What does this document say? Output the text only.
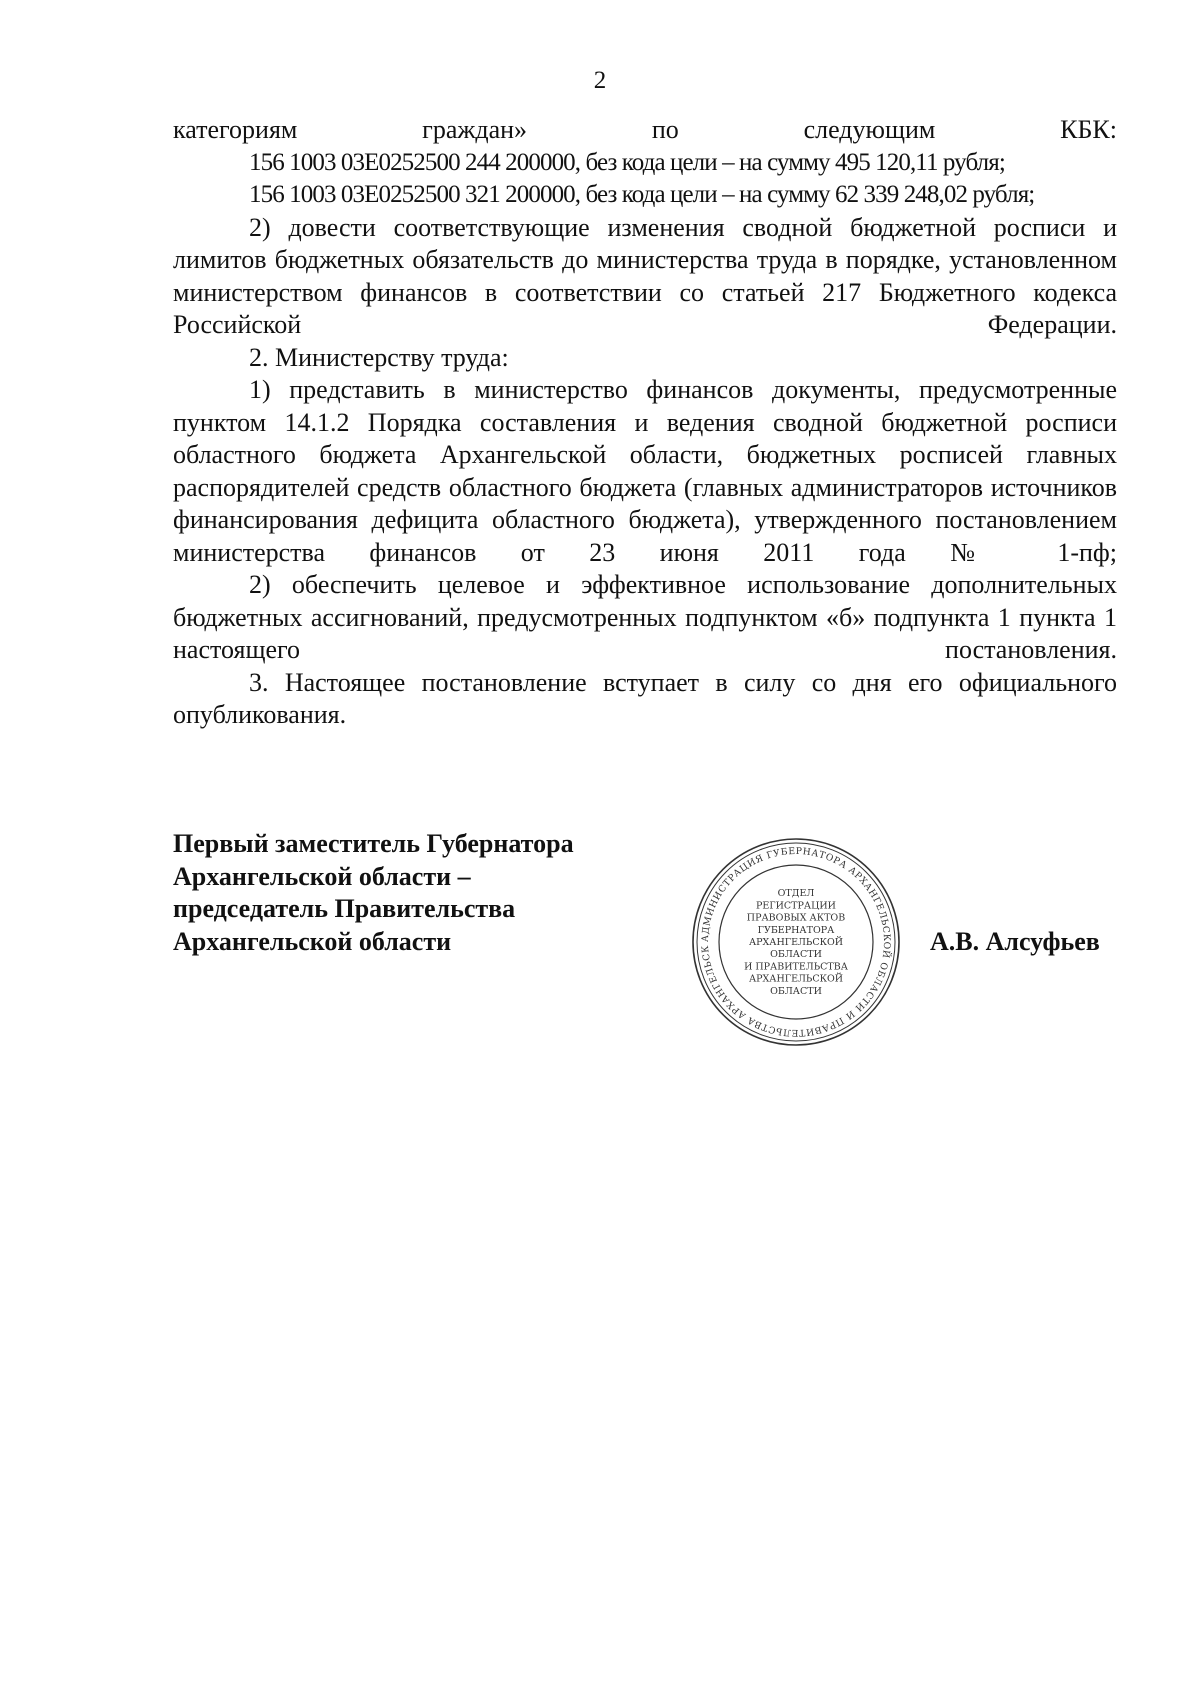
2

категориям граждан» по следующим КБК:

156 1003 03Е0252500 244 200000, без кода цели – на сумму 495 120,11 рубля;

156 1003 03Е0252500 321 200000, без кода цели – на сумму 62 339 248,02 рубля;

2) довести соответствующие изменения сводной бюджетной росписи и лимитов бюджетных обязательств до министерства труда в порядке, установленном министерством финансов в соответствии со статьей 217 Бюджетного кодекса Российской Федерации.

2. Министерству труда:

1) представить в министерство финансов документы, предусмотренные пунктом 14.1.2 Порядка составления и ведения сводной бюджетной росписи областного бюджета Архангельской области, бюджетных росписей главных распорядителей средств областного бюджета (главных администраторов источников финансирования дефицита областного бюджета), утвержденного постановлением министерства финансов от 23 июня 2011 года № 1-пф;

2) обеспечить целевое и эффективное использование дополнительных бюджетных ассигнований, предусмотренных подпунктом «б» подпункта 1 пункта 1 настоящего постановления.

3. Настоящее постановление вступает в силу со дня его официального опубликования.

Первый заместитель Губернатора
Архангельской области –
председатель Правительства
Архангельской области	АДМИНИСТРАЦИЯ ГУБЕРНАТОРА АРХАНГЕЛЬСКОЙ ОБЛАСТИ И ПРАВИТЕЛЬСТВА АРХАНГЕЛЬСК
ОТДЕЛ
РЕГИСТРАЦИИ
ПРАВОВЫХ АКТОВ
ГУБЕРНАТОРА
АРХАНГЕЛЬСКОЙ
ОБЛАСТИ
И ПРАВИТЕЛЬСТВА
АРХАНГЕЛЬСКОЙ
ОБЛАСТИ
А.В. Алсуфьев
